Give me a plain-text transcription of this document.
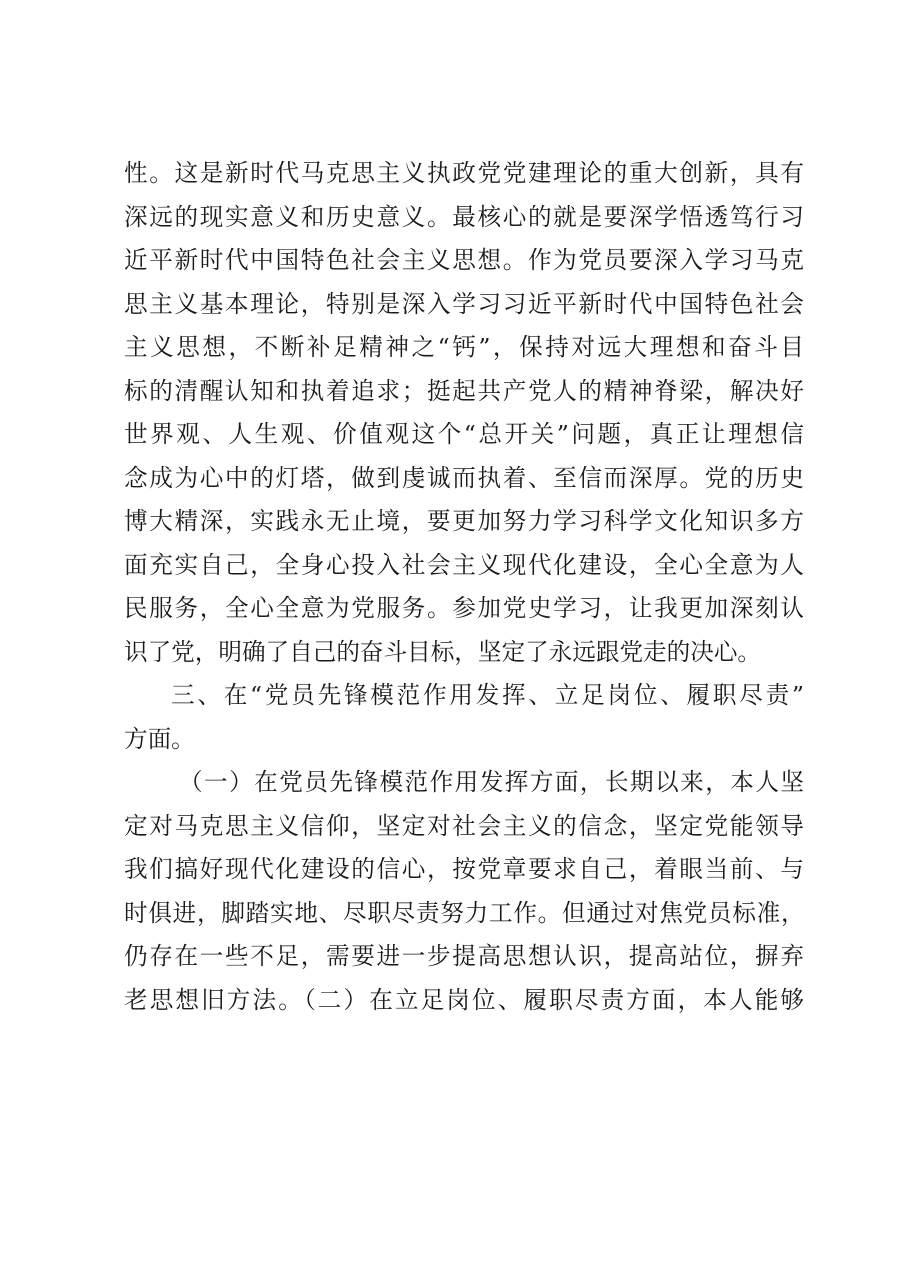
性。这是新时代马克思主义执政党党建理论的重大创新，具有
深远的现实意义和历史意义。最核心的就是要深学悟透笃行习
近平新时代中国特色社会主义思想。作为党员要深入学习马克
思主义基本理论，特别是深入学习习近平新时代中国特色社会
主义思想，不断补足精神之“钙”，保持对远大理想和奋斗目
标的清醒认知和执着追求；挺起共产党人的精神脊梁，解决好
世界观、人生观、价值观这个“总开关”问题，真正让理想信
念成为心中的灯塔，做到虔诚而执着、至信而深厚。党的历史
博大精深，实践永无止境，要更加努力学习科学文化知识多方
面充实自己，全身心投入社会主义现代化建设，全心全意为人
民服务，全心全意为党服务。参加党史学习，让我更加深刻认
识了党，明确了自己的奋斗目标，坚定了永远跟党走的决心。
三、在“党员先锋模范作用发挥、立足岗位、履职尽责”
方面。
（一）在党员先锋模范作用发挥方面，长期以来，本人坚
定对马克思主义信仰，坚定对社会主义的信念，坚定党能领导
我们搞好现代化建设的信心，按党章要求自己，着眼当前、与
时俱进，脚踏实地、尽职尽责努力工作。但通过对焦党员标准，
仍存在一些不足，需要进一步提高思想认识，提高站位，摒弃
老思想旧方法。（二）在立足岗位、履职尽责方面，本人能够
